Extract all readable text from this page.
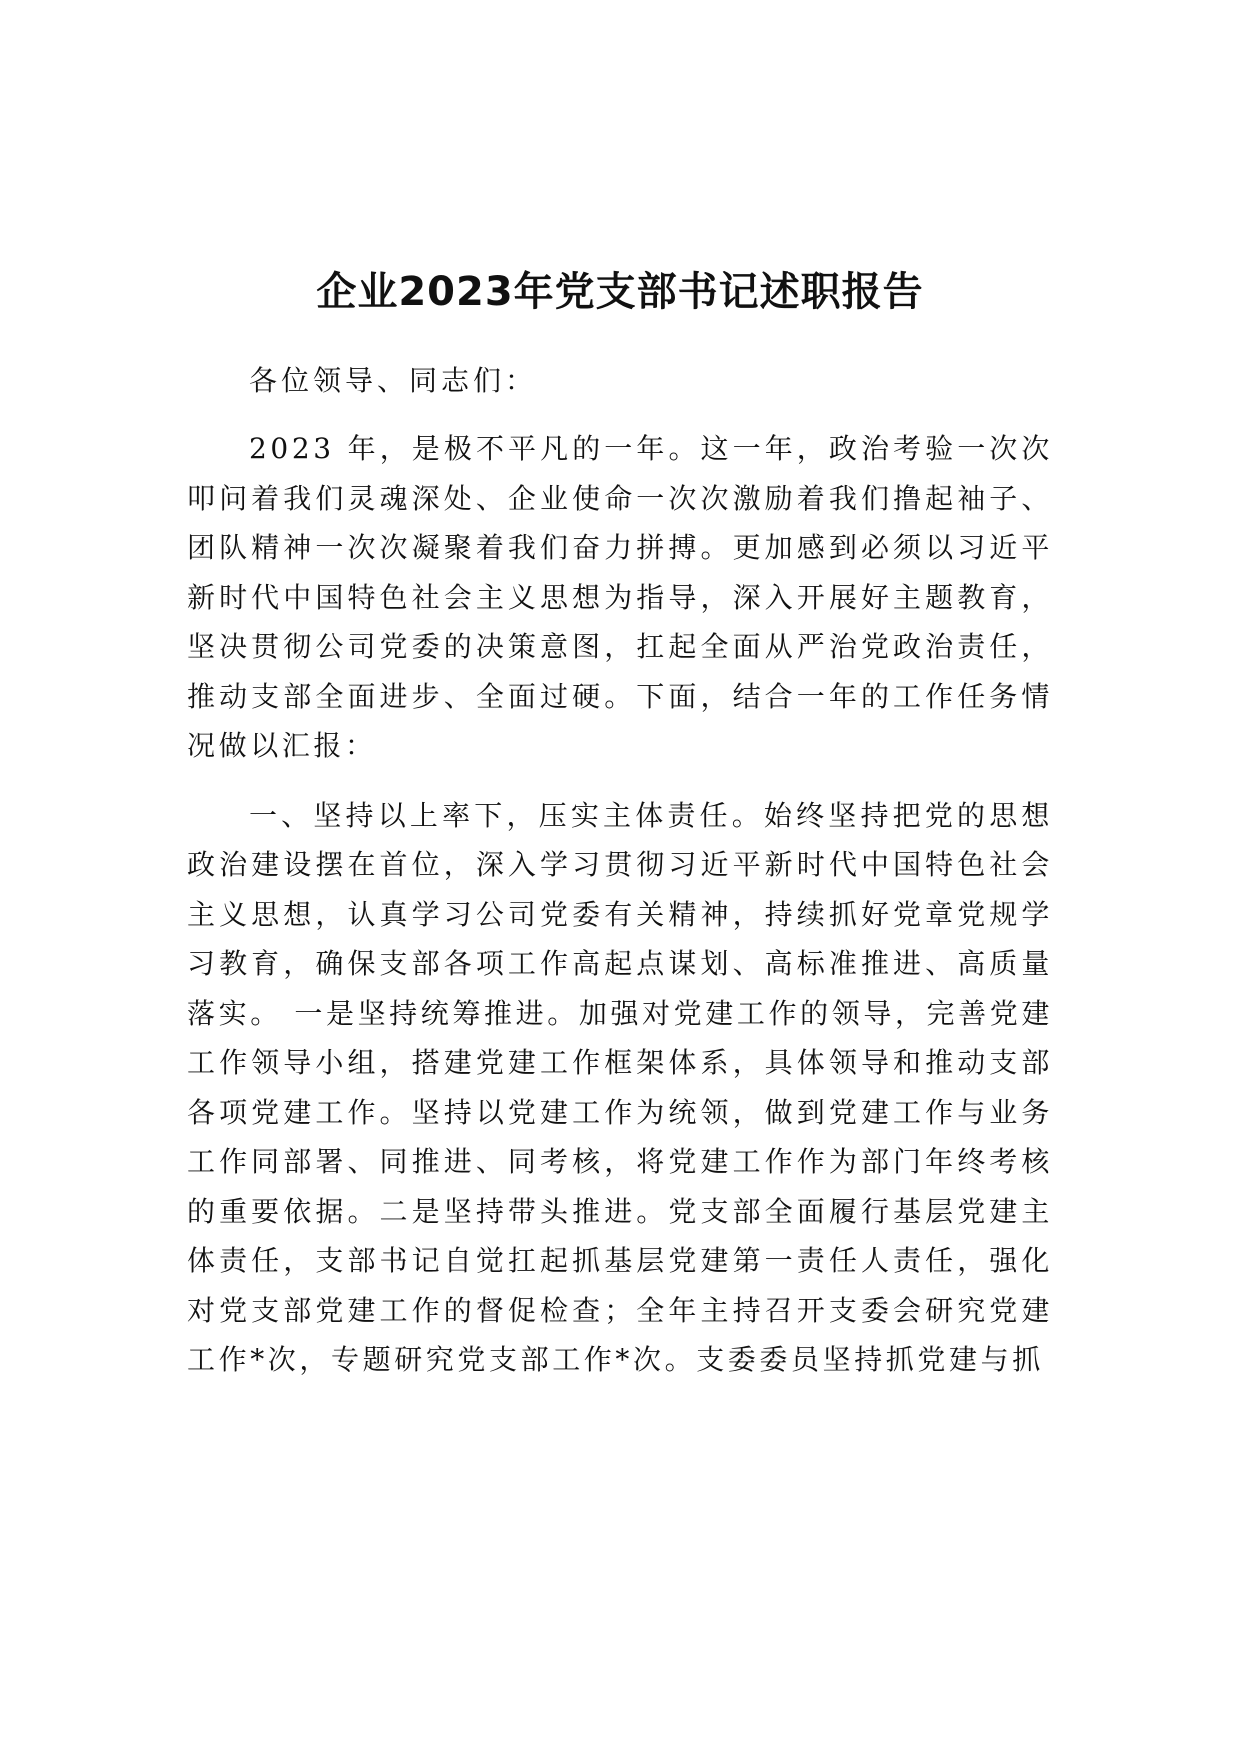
企业2023年党支部书记述职报告

各位领导、同志们：

2023 年，是极不平凡的一年。这一年，政治考验一次次叩问着我们灵魂深处、企业使命一次次激励着我们撸起袖子、团队精神一次次凝聚着我们奋力拼搏。更加感到必须以习近平新时代中国特色社会主义思想为指导，深入开展好主题教育，坚决贯彻公司党委的决策意图，扛起全面从严治党政治责任，推动支部全面进步、全面过硬。下面，结合一年的工作任务情况做以汇报：

一、坚持以上率下，压实主体责任。始终坚持把党的思想政治建设摆在首位，深入学习贯彻习近平新时代中国特色社会主义思想，认真学习公司党委有关精神，持续抓好党章党规学习教育，确保支部各项工作高起点谋划、高标准推进、高质量落实。 一是坚持统筹推进。加强对党建工作的领导，完善党建工作领导小组，搭建党建工作框架体系，具体领导和推动支部各项党建工作。坚持以党建工作为统领，做到党建工作与业务工作同部署、同推进、同考核，将党建工作作为部门年终考核的重要依据。二是坚持带头推进。党支部全面履行基层党建主体责任，支部书记自觉扛起抓基层党建第一责任人责任，强化对党支部党建工作的督促检查；全年主持召开支委会研究党建工作*次，专题研究党支部工作*次。支委委员坚持抓党建与抓
